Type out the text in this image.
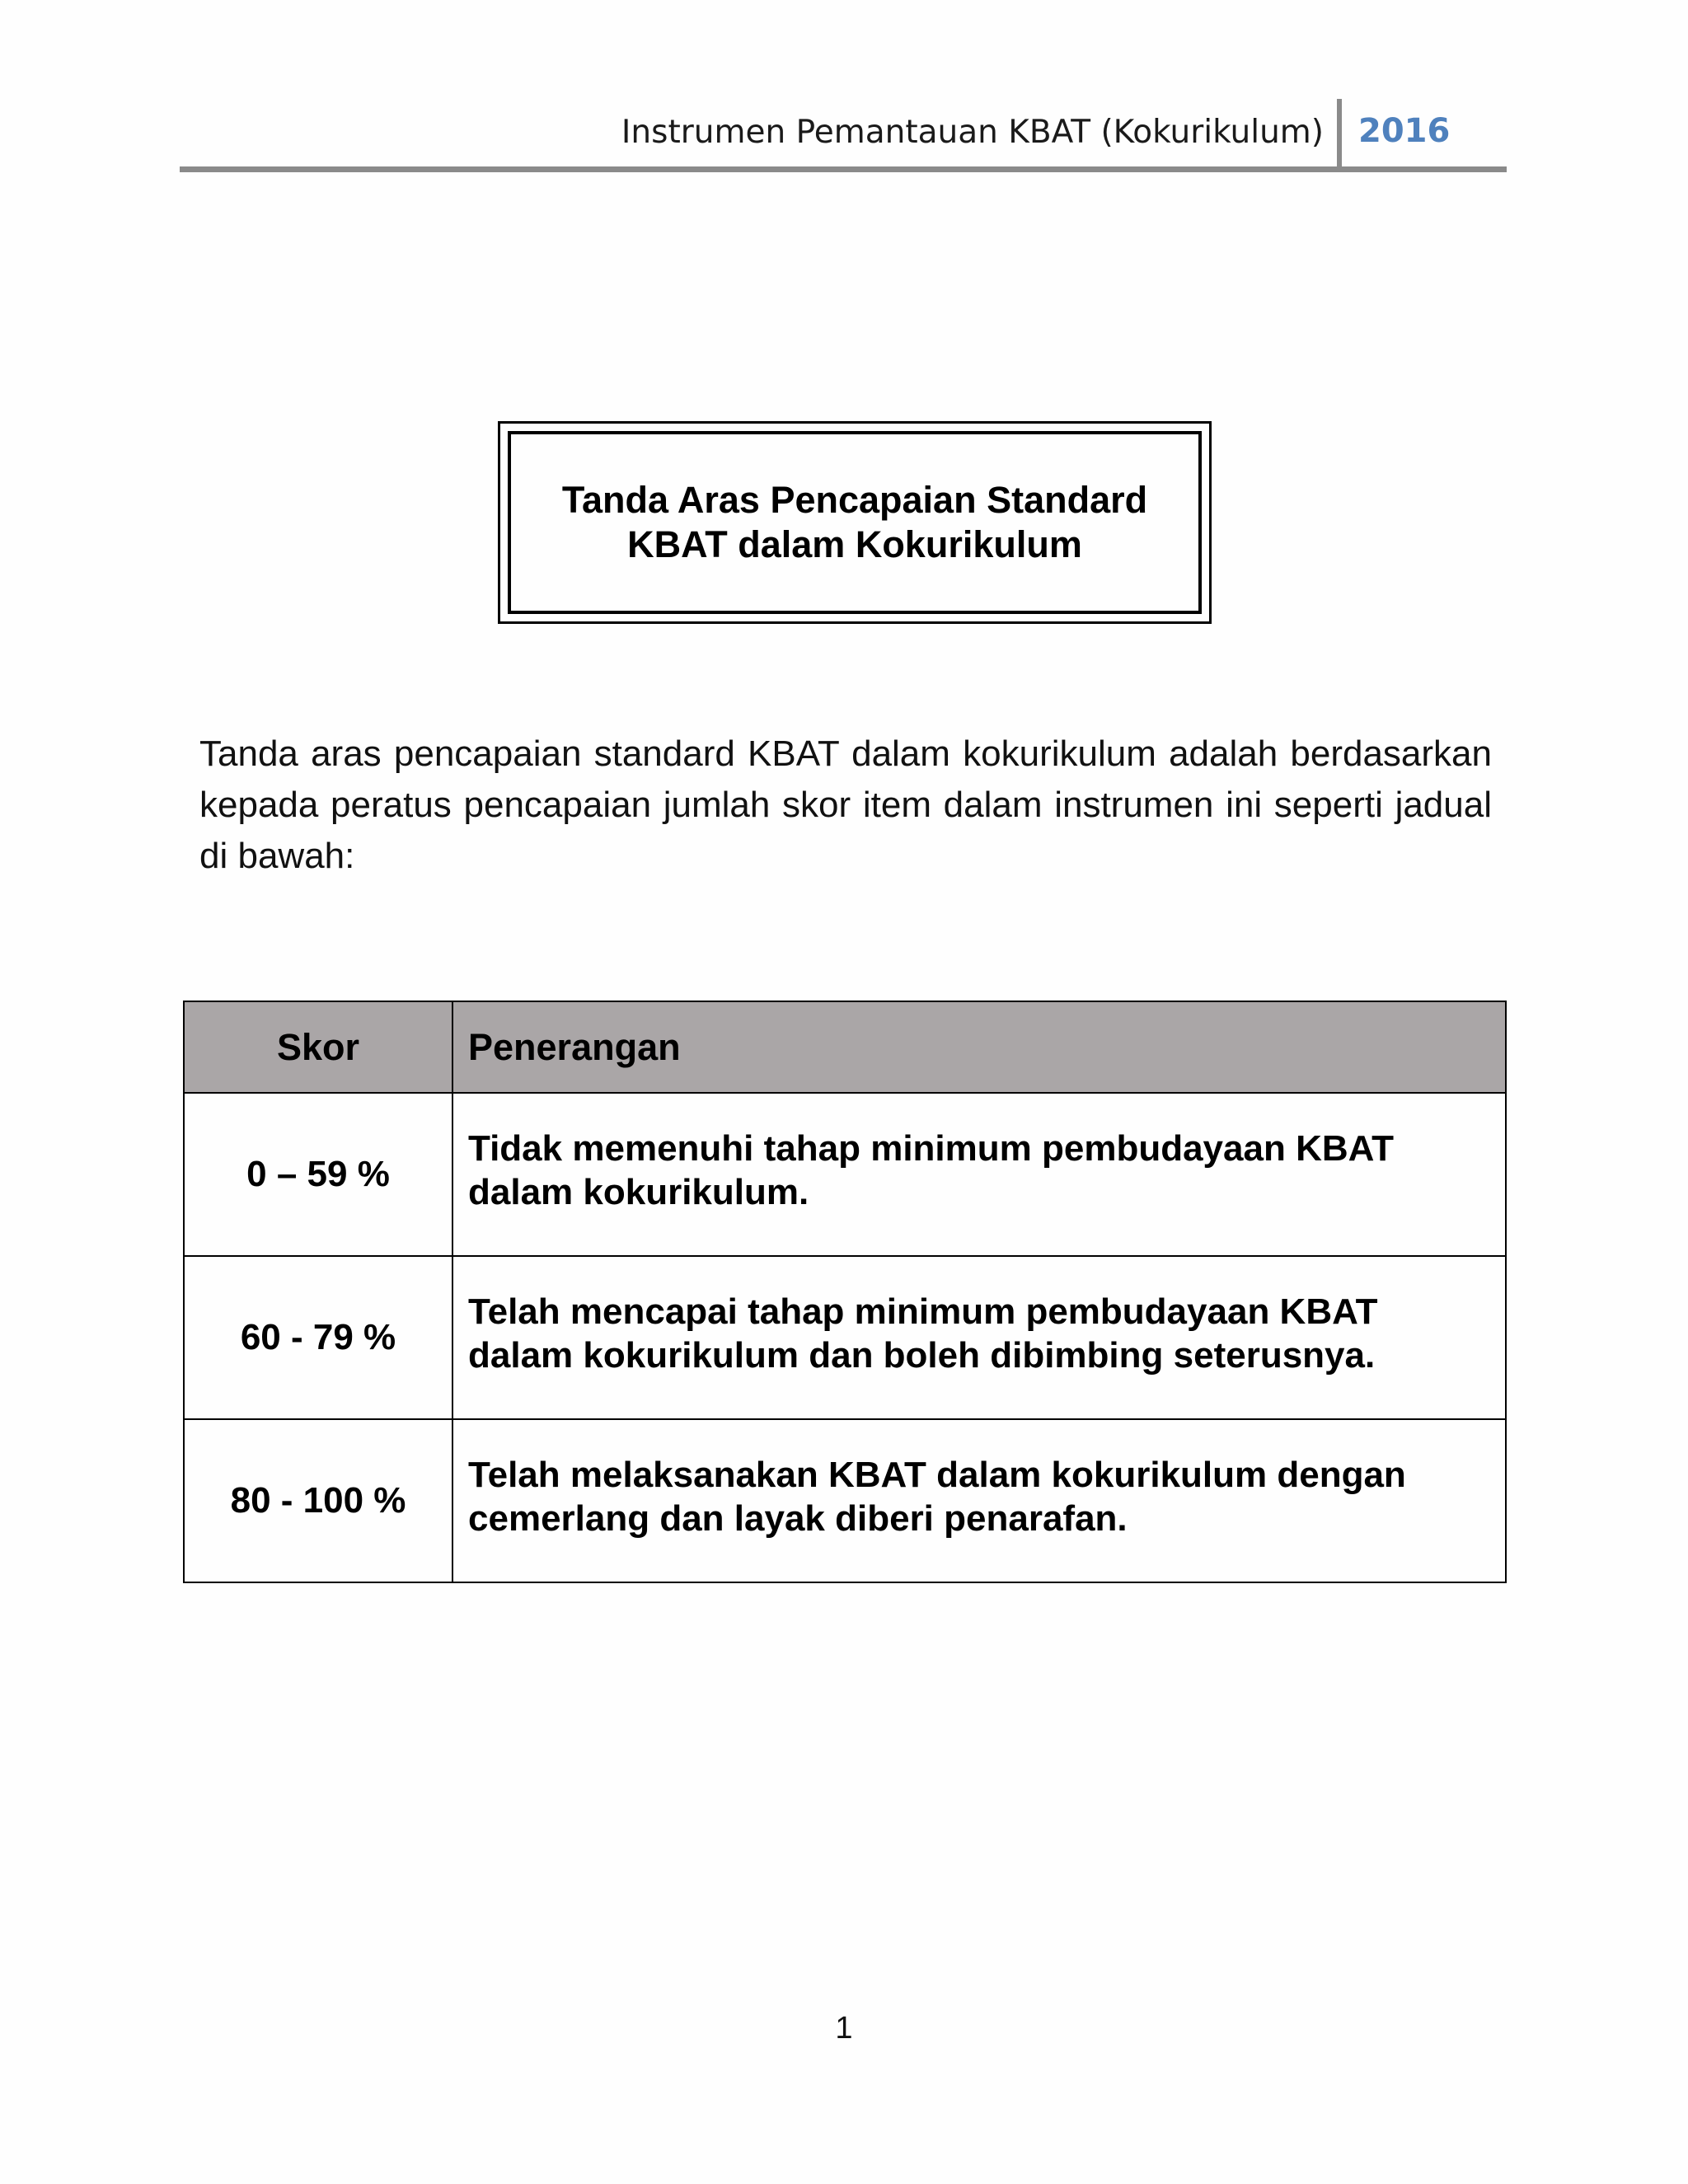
Instrumen Pemantauan KBAT (Kokurikulum) 2016
Tanda Aras Pencapaian Standard
KBAT dalam Kokurikulum

Tanda aras pencapaian standard KBAT dalam kokurikulum adalah berdasarkan kepada peratus pencapaian jumlah skor item dalam instrumen ini seperti jadual di bawah:

Skor	Penerangan
0 – 59 %	Tidak memenuhi tahap minimum pembudayaan KBAT dalam kokurikulum.
60 - 79 %	Telah mencapai tahap minimum pembudayaan KBAT dalam kokurikulum dan boleh dibimbing seterusnya.
80 - 100 %	Telah melaksanakan KBAT dalam kokurikulum dengan cemerlang dan layak diberi penarafan.
1
